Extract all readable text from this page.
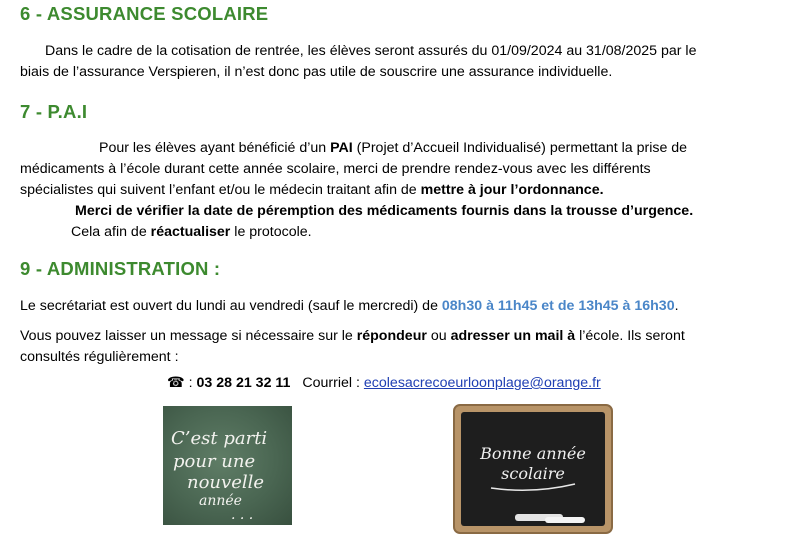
6 - ASSURANCE SCOLAIRE
Dans le cadre de la cotisation de rentrée, les élèves seront assurés du 01/09/2024 au 31/08/2025 par le
biais de l’assurance Verspieren, il n’est donc pas utile de souscrire une assurance individuelle.
7 - P.A.I
Pour les élèves ayant bénéficié d’un PAI (Projet d’Accueil Individualisé) permettant la prise de
médicaments à l’école durant cette année scolaire, merci de prendre rendez-vous avec les différents
spécialistes qui suivent l’enfant et/ou le médecin traitant afin de mettre à jour l’ordonnance.
Merci de vérifier la date de péremption des médicaments fournis dans la trousse d’urgence.
Cela afin de réactualiser le protocole.
9 - ADMINISTRATION :
Le secrétariat est ouvert du lundi au vendredi (sauf le mercredi) de 08h30 à 11h45 et de 13h45 à 16h30.
Vous pouvez laisser un message si nécessaire sur le répondeur ou adresser un mail à l’école. Ils seront
consultés régulièrement :
☎ : 03 28 21 32 11 Courriel : ecolesacrecoeurloonplage@orange.fr
C’est parti
pour une
nouvelle
année
. . .
Bonne année
scolaire
